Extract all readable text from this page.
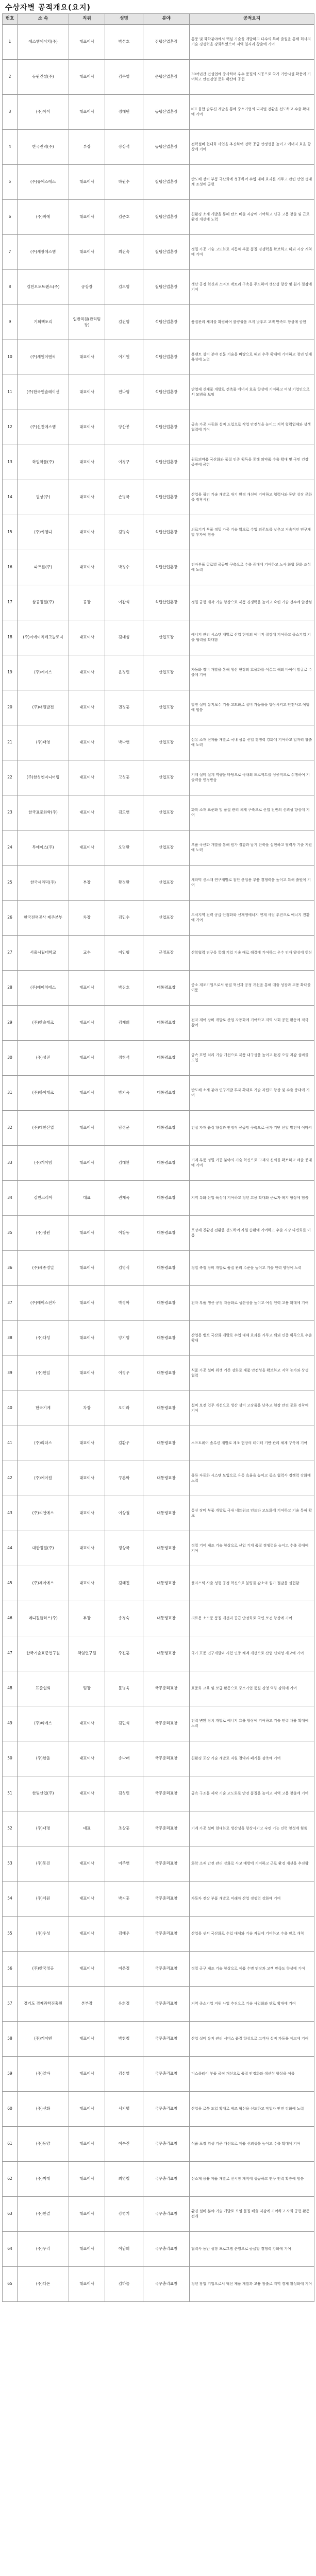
수상자별 공적개요(요지)
번호	소 속	직위	성명	분야	공적요지
1	에스엠에이치(주)	대표이사	박성호	전탑산업훈장	통풍 및 화학분야에서 핵심 기술을 개발하고 다수의 특허 출원을 통해 회사의 기술 경쟁력을 강화하였으며 지역 일자리 창출에 기여
2	동원건설(주)	대표이사	김무영	은탑산업훈장	30여년간 건설업에 종사하며 우수 품질의 시공으로 국가 기반시설 확충에 기여하고 안전경영 문화 확산에 공헌
3	(주)아이	대표이사	정해원	동탑산업훈장	ICT 융합 솔루션 개발을 통해 중소기업의 디지털 전환을 선도하고 수출 확대에 기여
4	한국전력(주)	부장	장상석	동탑산업훈장	전력설비 현대화 사업을 추진하여 전력 공급 안정성을 높이고 에너지 효율 향상에 기여
5	(주)유에스에스	대표이사	하원수	철탑산업훈장	반도체 장비 부품 국산화에 성공하여 수입 대체 효과를 거두고 관련 산업 생태계 조성에 공헌
6	(주)비에	대표이사	김준호	철탑산업훈장	친환경 소재 개발을 통해 탄소 배출 저감에 기여하고 신규 고용 창출 및 근로환경 개선에 노력
7	(주)세광에스엠	대표이사	최진숙	철탑산업훈장	정밀 가공 기술 고도화로 자동차 부품 품질 경쟁력을 확보하고 해외 시장 개척에 기여
8	김천오토트랜스(주)	공장장	김도영	철탑산업훈장	생산 공정 혁신과 스마트 팩토리 구축을 주도하여 생산성 향상 및 원가 절감에 기여
9	기회팩토리	일반직원(관리팀장)	김진영	석탑산업훈장	품질관리 체계를 확립하여 불량률을 크게 낮추고 고객 만족도 향상에 공헌
10	(주)세원이엔씨	대표이사	이기원	석탑산업훈장	플랜트 설비 분야 전문 기술을 바탕으로 해외 수주 확대에 기여하고 청년 인재 육성에 노력
11	(주)한국인슐레이션	대표이사	전나영	석탑산업훈장	단열재 신제품 개발로 건축물 에너지 효율 향상에 기여하고 여성 기업인으로서 모범을 보임
12	(주)신진에스엠	대표이사	양산봉	석탑산업훈장	금속 가공 자동화 설비 도입으로 작업 안전성을 높이고 지역 협력업체와 상생 협력에 기여
13	화일약품(주)	대표이사	이경구	석탑산업훈장	원료의약품 국산화와 품질 인증 획득을 통해 의약품 수출 확대 및 국민 건강 증진에 공헌
14	필상(주)	대표이사	손병국	석탑산업훈장	산업용 필터 기술 개발로 대기 환경 개선에 기여하고 협력사와 동반 성장 문화를 정착시킴
15	(주)씨엠디	대표이사	김명숙	석탑산업훈장	의료기기 부품 정밀 가공 기술 확보로 수입 의존도를 낮추고 지속적인 연구개발 투자에 힘씀
16	파트론(주)	대표이사	박정수	석탑산업훈장	전자부품 글로벌 공급망 구축으로 수출 증대에 기여하고 노사 화합 문화 조성에 노력
17	삼공정밀(주)	공장	이갑석	석탑산업훈장	정밀 금형 제작 기술 향상으로 제품 경쟁력을 높이고 숙련 기술 전수에 앞장섬
18	(주)이에이치테크놀로지	대표이사	김대성	산업포장	에너지 관리 시스템 개발로 산업 현장의 에너지 절감에 기여하고 중소기업 기술 협력을 확대함
19	(주)에이스	대표이사	윤정민	산업포장	자동화 장비 개발을 통해 생산 현장의 효율화를 이끌고 해외 바이어 발굴로 수출에 기여
20	(주)대원발전	대표이사	권정훈	산업포장	발전 설비 유지보수 기술 고도화로 설비 가동률을 향상시키고 안전사고 예방에 힘씀
21	(주)태영	대표이사	박나연	산업포장	섬유 소재 신제품 개발로 국내 섬유 산업 경쟁력 강화에 기여하고 일자리 창출에 노력
22	(주)한성엔지니어링	대표이사	고성훈	산업포장	기계 설비 설계 역량을 바탕으로 국내외 프로젝트를 성공적으로 수행하여 기술력을 인정받음
23	한국표준화학(주)	대표이사	김도연	산업포장	화학 소재 표준화 및 품질 관리 체계 구축으로 산업 전반의 신뢰성 향상에 기여
24	투에이스(주)	대표이사	오명환	산업포장	부품 국산화 개발을 통해 원가 절감과 납기 단축을 실현하고 협력사 기술 지원에 노력
25	한국세라믹(주)	부장	황정환	산업포장	세라믹 신소재 연구개발로 첨단 산업용 부품 경쟁력을 높이고 특허 출원에 기여
26	한국전력공사 제주본부	차장	김민수	산업포장	도서지역 전력 공급 안정화와 신재생에너지 연계 사업 추진으로 에너지 전환에 기여
27	서울시립대학교	교수	이인형	근정포장	산학협력 연구를 통해 기업 기술 애로 해결에 기여하고 우수 인재 양성에 헌신
28	(주)에이치에스	대표이사	박진호	대통령표창	중소 제조기업으로서 품질 혁신과 공정 개선을 통해 매출 성장과 고용 확대를 이룸
29	(주)한솔테크	대표이사	김재희	대통령표창	전자 제어 장비 개발로 산업 자동화에 기여하고 지역 사회 공헌 활동에 적극 참여
30	(주)성진	대표이사	정형석	대통령표창	금속 표면 처리 기술 개선으로 제품 내구성을 높이고 환경 오염 저감 설비를 도입
31	(주)하이테크	대표이사	방기욱	대통령표창	반도체 소재 분야 연구개발 투자 확대로 기술 자립도 향상 및 수출 증대에 기여
32	(주)대한산업	대표이사	남정균	대통령표창	건설 자재 품질 향상과 안정적 공급망 구축으로 국가 기반 산업 발전에 이바지
33	(주)케이엠	대표이사	김대환	대통령표창	기계 부품 정밀 가공 분야의 기술 혁신으로 고객사 신뢰를 확보하고 매출 증대에 기여
34	김천코리아	대표	권재욱	대통령표창	지역 특화 산업 육성에 기여하고 청년 고용 확대와 근로자 복지 향상에 힘씀
35	(주)성원	대표이사	이창동	대통령표창	포장재 친환경 전환을 선도하여 자원 순환에 기여하고 수출 시장 다변화를 이룸
36	(주)세종정밀	대표이사	김영식	대통령표창	정밀 측정 장비 개발로 품질 관리 수준을 높이고 기술 인력 양성에 노력
37	(주)에이스전자	대표이사	박정아	대통령표창	전자 부품 생산 공정 자동화로 생산성을 높이고 여성 인력 고용 확대에 기여
38	(주)대성	대표이사	양기영	대통령표창	산업용 밸브 국산화 개발로 수입 대체 효과를 거두고 해외 인증 획득으로 수출 확대
39	(주)한일	대표이사	이정우	대통령표창	식품 가공 설비 위생 기준 강화로 제품 안전성을 확보하고 지역 농가와 상생 협력
40	한국기계	차장	오미라	대통령표창	설비 보전 업무 개선으로 생산 설비 고장률을 낮추고 현장 안전 문화 정착에 기여
41	(주)리더스	대표이사	김환우	대통령표창	소프트웨어 솔루션 개발로 제조 현장의 데이터 기반 관리 체계 구축에 기여
42	(주)에이원	대표이사	구본학	대통령표창	물류 자동화 시스템 도입으로 유통 효율을 높이고 중소 협력사 경쟁력 강화에 노력
43	(주)씨엔에스	대표이사	이상철	대통령표창	통신 장비 부품 개발로 국내 네트워크 인프라 고도화에 기여하고 기술 특허 확보
44	대한정밀(주)	대표이사	정상국	대통령표창	정밀 기어 제조 기술 향상으로 산업 기계 품질 경쟁력을 높이고 수출 증대에 기여
45	(주)제이에스	대표이사	김태진	대통령표창	플라스틱 사출 성형 공정 혁신으로 불량률 감소와 원가 절감을 실현함
46	메디컬플러스(주)	부장	송경숙	대통령표창	의료용 소모품 품질 개선과 공급 안정화로 국민 보건 향상에 기여
47	한국기술표준연구원	책임연구원	주진훈	대통령표창	국가 표준 연구개발과 시험 인증 체계 개선으로 산업 신뢰성 제고에 기여
48	표준협회	팀장	문병욱	국무총리표창	표준화 교육 및 보급 활동으로 중소기업 품질 경영 역량 강화에 기여
49	(주)티에스	대표이사	김민석	국무총리표창	전력 변환 장치 개발로 에너지 효율 향상에 기여하고 기술 인력 채용 확대에 노력
50	(주)한울	대표이사	송나래	국무총리표창	친환경 포장 기술 개발로 자원 절약과 폐기물 감축에 기여
51	한빛산업(주)	대표이사	김성민	국무총리표창	금속 구조물 제작 기술 고도화로 안전 품질을 높이고 지역 고용 창출에 기여
52	(주)대명	대표	조상훈	국무총리표창	기계 가공 설비 현대화로 생산성을 향상시키고 숙련 기능 인력 양성에 힘씀
53	(주)동진	대표이사	이주연	국무총리표창	화학 소재 안전 관리 강화로 사고 예방에 기여하고 근로 환경 개선을 추진함
54	(주)세원	대표이사	박지훈	국무총리표창	자동차 전장 부품 개발로 미래차 산업 경쟁력 강화에 기여
55	(주)우성	대표이사	김태우	국무총리표창	산업용 센서 국산화로 수입 대체와 기술 자립에 기여하고 수출 판로 개척
56	(주)한국정공	대표이사	이은정	국무총리표창	정밀 공구 제조 기술 향상으로 제품 수명 연장과 고객 만족도 향상에 기여
57	경기도 경제과학진흥원	본부장	유희정	국무총리표창	지역 중소기업 지원 사업 추진으로 기술 사업화와 판로 확대에 기여
58	(주)케이엔	대표이사	박현철	국무총리표창	산업 설비 유지 관리 서비스 품질 향상으로 고객사 설비 가동률 제고에 기여
59	(주)알파	대표이사	김선영	국무총리표창	디스플레이 부품 공정 개선으로 품질 안정화와 생산성 향상을 이룸
60	(주)신화	대표이사	서지명	국무총리표창	산업용 로봇 도입 확대로 제조 혁신을 선도하고 작업자 안전 강화에 노력
61	(주)동양	대표이사	이수진	국무총리표창	식품 포장 위생 기준 개선으로 제품 신뢰성을 높이고 수출 확대에 기여
62	(주)미래	대표이사	최영철	국무총리표창	신소재 응용 제품 개발로 신시장 개척에 성공하고 연구 인력 확충에 힘씀
63	(주)한결	대표이사	강병기	국무총리표창	환경 설비 분야 기술 개발로 오염 물질 배출 저감에 기여하고 사회 공헌 활동 전개
64	(주)우리	대표이사	이남희	국무총리표창	협력사 동반 성장 프로그램 운영으로 공급망 경쟁력 강화에 기여
65	(주)다온	대표이사	김하늘	국무총리표창	청년 창업 기업으로서 혁신 제품 개발과 고용 창출로 지역 경제 활성화에 기여
